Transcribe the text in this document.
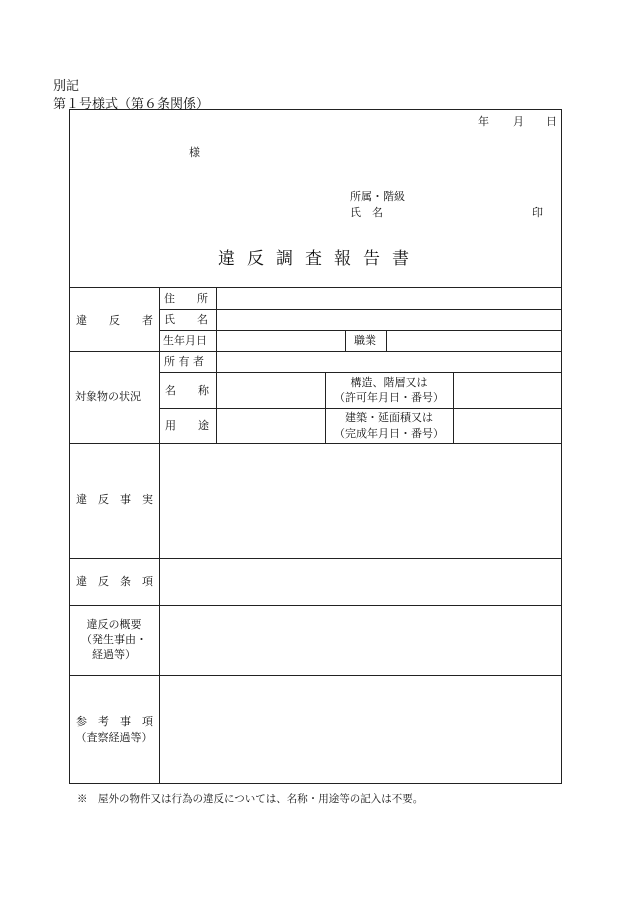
別記
第１号様式（第６条関係）
年 月 日
様
所属・階級
氏　名	印
違反調査報告書
違　　反　　者
住　　所
氏　　名
生年月日	職業
対象物の状況
所 有 者
名　　称
用　　途
構造、階層又は
（許可年月日・番号）
建築・延面積又は
（完成年月日・番号）
違　反　事　実
違　反　条　項
違反の概要
（発生事由・
経過等）
参　考　事　項
（査察経過等）
※　屋外の物件又は行為の違反については、名称・用途等の記入は不要。
